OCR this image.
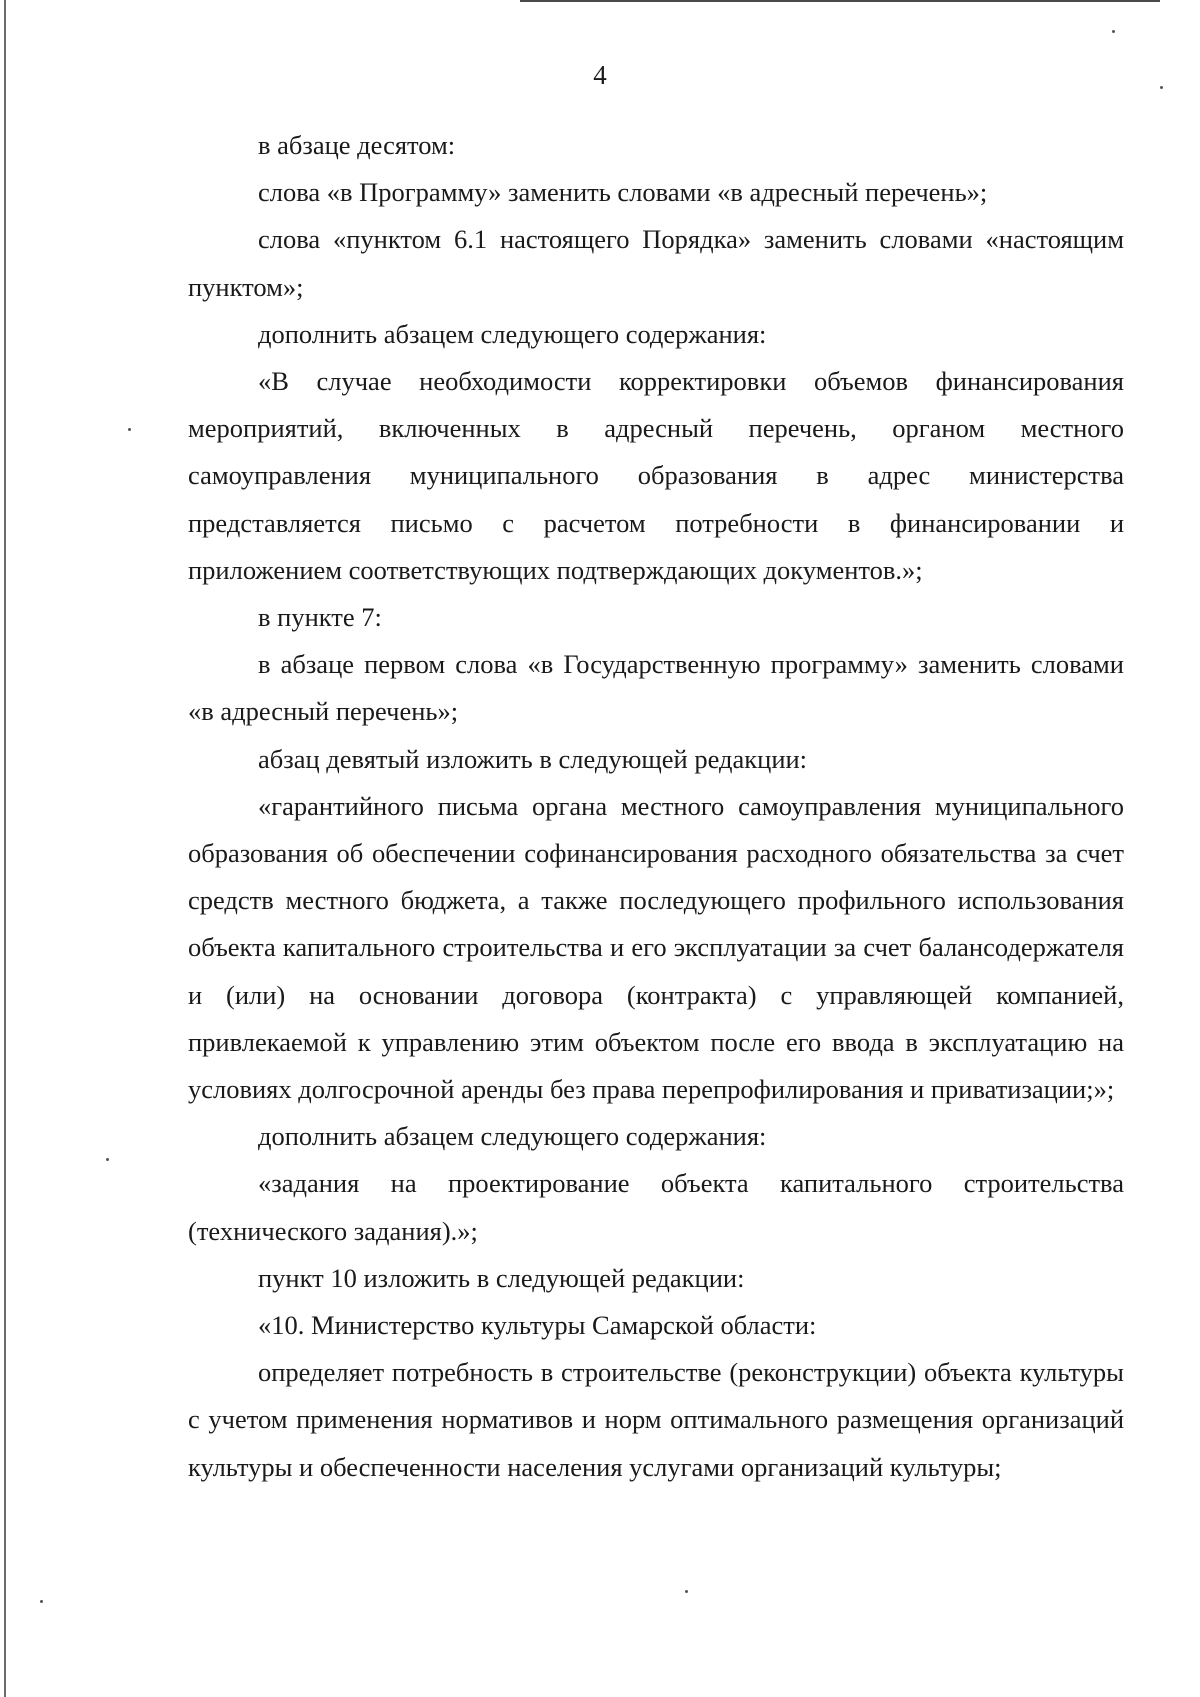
4

в абзаце десятом:

слова «в Программу» заменить словами «в адресный перечень»;

слова «пунктом 6.1 настоящего Порядка» заменить словами «настоящим пунктом»;

дополнить абзацем следующего содержания:

«В случае необходимости корректировки объемов финансирования мероприятий, включенных в адресный перечень, органом местного самоуправления муниципального образования в адрес министерства представляется письмо с расчетом потребности в финансировании и приложением соответствующих подтверждающих документов.»;

в пункте 7:

в абзаце первом слова «в Государственную программу» заменить словами «в адресный перечень»;

абзац девятый изложить в следующей редакции:

«гарантийного письма органа местного самоуправления муниципального образования об обеспечении софинансирования расходного обязательства за счет средств местного бюджета, а также последующего профильного использования объекта капитального строительства и его эксплуатации за счет балансодержателя и (или) на основании договора (контракта) с управляющей компанией, привлекаемой к управлению этим объектом после его ввода в эксплуатацию на условиях долгосрочной аренды без права перепрофилирования и приватизации;»;

дополнить абзацем следующего содержания:

«задания на проектирование объекта капитального строительства (технического задания).»;

пункт 10 изложить в следующей редакции:

«10. Министерство культуры Самарской области:

определяет потребность в строительстве (реконструкции) объекта культуры с учетом применения нормативов и норм оптимального размещения организаций культуры и обеспеченности населения услугами организаций культуры;
